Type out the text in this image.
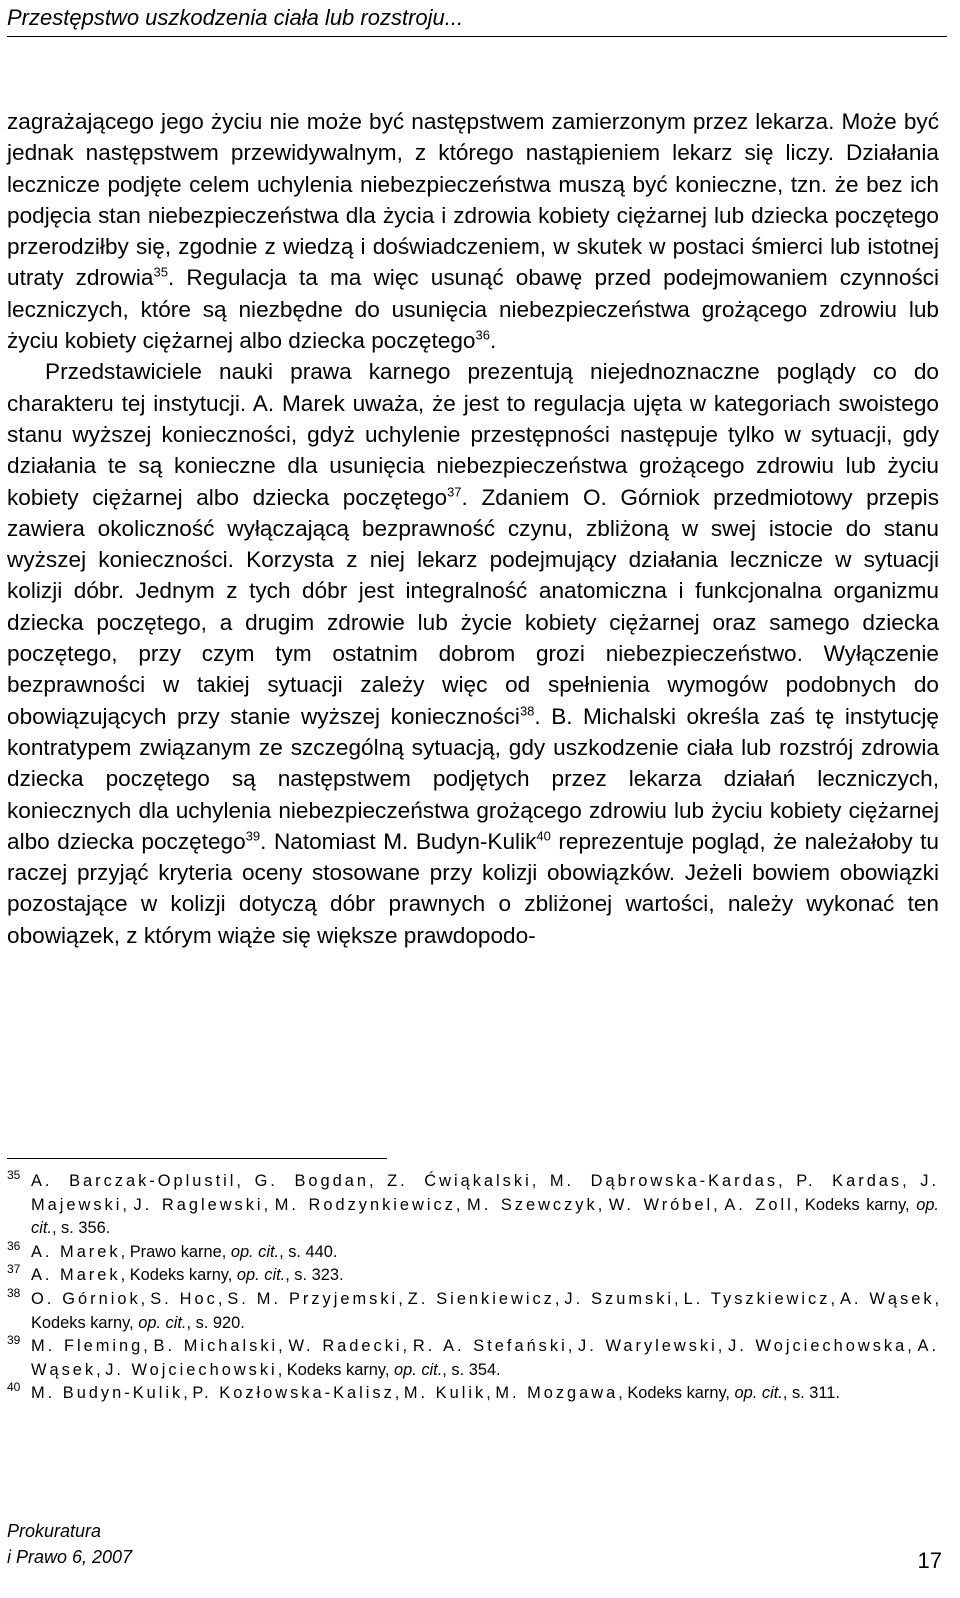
Przestępstwo uszkodzenia ciała lub rozstroju...

zagrażającego jego życiu nie może być następstwem zamierzonym przez lekarza. Może być jednak następstwem przewidywalnym, z którego nastąpieniem lekarz się liczy. Działania lecznicze podjęte celem uchylenia niebezpieczeństwa muszą być konieczne, tzn. że bez ich podjęcia stan niebezpieczeństwa dla życia i zdrowia kobiety ciężarnej lub dziecka poczętego przerodziłby się, zgodnie z wiedzą i doświadczeniem, w skutek w postaci śmierci lub istotnej utraty zdrowia$^{35}$. Regulacja ta ma więc usunąć obawę przed podejmowaniem czynności leczniczych, które są niezbędne do usunięcia niebezpieczeństwa grożącego zdrowiu lub życiu kobiety ciężarnej albo dziecka poczętego$^{36}$.

Przedstawiciele nauki prawa karnego prezentują niejednoznaczne poglądy co do charakteru tej instytucji. A. Marek uważa, że jest to regulacja ujęta w kategoriach swoistego stanu wyższej konieczności, gdyż uchylenie przestępności następuje tylko w sytuacji, gdy działania te są konieczne dla usunięcia niebezpieczeństwa grożącego zdrowiu lub życiu kobiety ciężarnej albo dziecka poczętego$^{37}$. Zdaniem O. Górniok przedmiotowy przepis zawiera okoliczność wyłączającą bezprawność czynu, zbliżoną w swej istocie do stanu wyższej konieczności. Korzysta z niej lekarz podejmujący działania lecznicze w sytuacji kolizji dóbr. Jednym z tych dóbr jest integralność anatomiczna i funkcjonalna organizmu dziecka poczętego, a drugim zdrowie lub życie kobiety ciężarnej oraz samego dziecka poczętego, przy czym tym ostatnim dobrom grozi niebezpieczeństwo. Wyłączenie bezprawności w takiej sytuacji zależy więc od spełnienia wymogów podobnych do obowiązujących przy stanie wyższej konieczności$^{38}$. B. Michalski określa zaś tę instytucję kontratypem związanym ze szczególną sytuacją, gdy uszkodzenie ciała lub rozstrój zdrowia dziecka poczętego są następstwem podjętych przez lekarza działań leczniczych, koniecznych dla uchylenia niebezpieczeństwa grożącego zdrowiu lub życiu kobiety ciężarnej albo dziecka poczętego$^{39}$. Natomiast M. Budyn-Kulik$^{40}$ reprezentuje pogląd, że należałoby tu raczej przyjąć kryteria oceny stosowane przy kolizji obowiązków. Jeżeli bowiem obowiązki pozostające w kolizji dotyczą dóbr prawnych o zbliżonej wartości, należy wykonać ten obowiązek, z którym wiąże się większe prawdopodo-

35 A. Barczak-Oplustil, G. Bogdan, Z. Ćwiąkalski, M. Dąbrowska-Kardas, P. Kardas, J. Majewski, J. Raglewski, M. Rodzynkiewicz, M. Szewczyk, W. Wróbel, A. Zoll, Kodeks karny, op. cit., s. 356.
36 A. Marek, Prawo karne, op. cit., s. 440.
37 A. Marek, Kodeks karny, op. cit., s. 323.
38 O. Górniok, S. Hoc, S. M. Przyjemski, Z. Sienkiewicz, J. Szumski, L. Tyszkiewicz, A. Wąsek, Kodeks karny, op. cit., s. 920.
39 M. Fleming, B. Michalski, W. Radecki, R. A. Stefański, J. Warylewski, J. Wojciechowska, A. Wąsek, J. Wojciechowski, Kodeks karny, op. cit., s. 354.
40 M. Budyn-Kulik, P. Kozłowska-Kalisz, M. Kulik, M. Mozgawa, Kodeks karny, op. cit., s. 311.
Prokuratura
i Prawo 6, 2007	17
